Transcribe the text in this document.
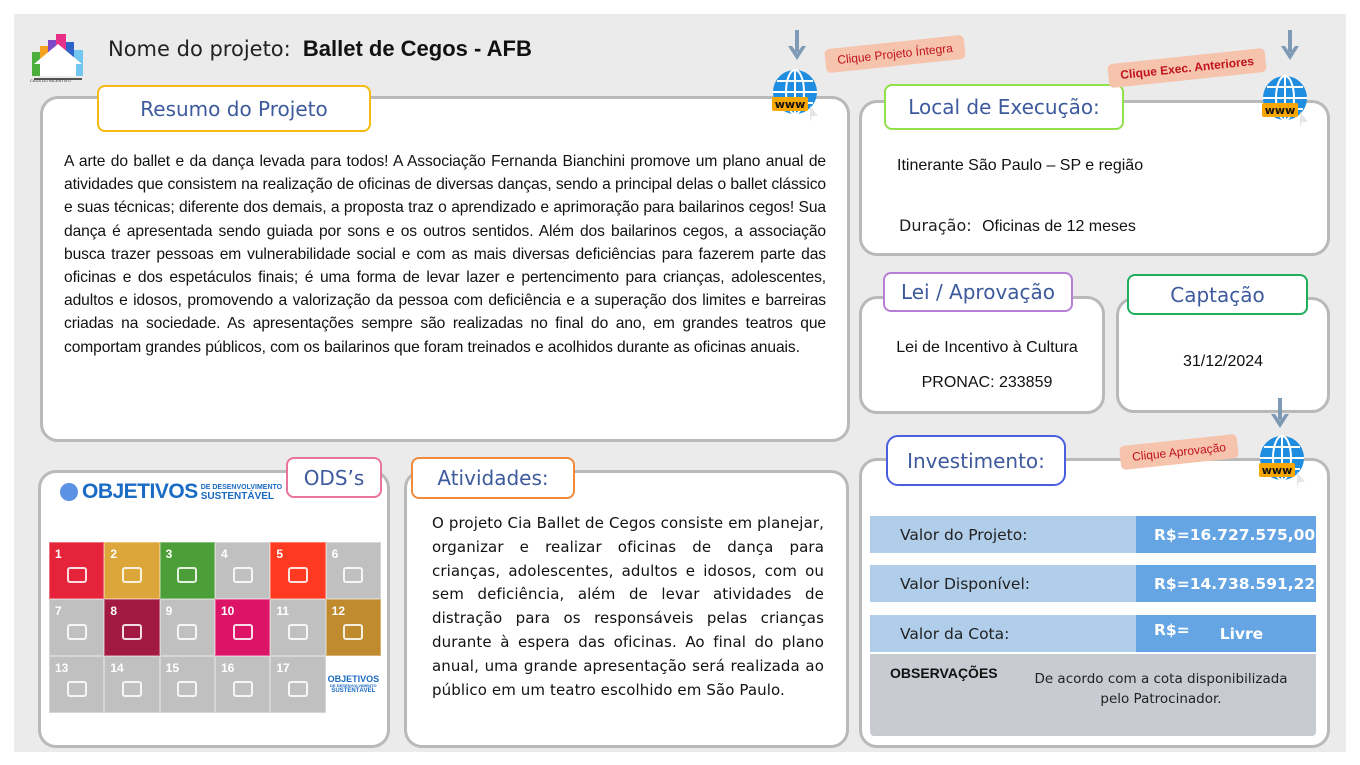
CASA DO INCENTIVO
Nome do projeto: Ballet de Cegos - AFB
Resumo do Projeto
A arte do ballet e da dança levada para todos! A Associação Fernanda Bianchini promove um plano anual de atividades que consistem na realização de oficinas de diversas danças, sendo a principal delas o ballet clássico e suas técnicas; diferente dos demais, a proposta traz o aprendizado e aprimoração para bailarinos cegos! Sua dança é apresentada sendo guiada por sons e os outros sentidos. Além dos bailarinos cegos, a associação busca trazer pessoas em vulnerabilidade social e com as mais diversas deficiências para fazerem parte das oficinas e dos espetáculos finais; é uma forma de levar lazer e pertencimento para crianças, adolescentes, adultos e idosos, promovendo a valorização da pessoa com deficiência e a superação dos limites e barreiras criadas na sociedade. As apresentações sempre são realizadas no final do ano, em grandes teatros que comportam grandes públicos, com os bailarinos que foram treinados e acolhidos durante as oficinas anuais.
Clique Projeto Íntegra
www	Local de Execução:
Itinerante São Paulo – SP e região
Duração: Oficinas de 12 meses
Clique Exec. Anteriores
www
Lei / Aprovação
Lei de Incentivo à Cultura
PRONAC: 233859
Captação
31/12/2024
ODS’s
OBJETIVOS DE DESENVOLVIMENTO
SUSTENTÁVEL
1	2	3	4	5	6
7	8	9	10	11	12
13	14	15	16	17
OBJETIVOS
DE DESENVOLVIMENTO
SUSTENTÁVEL
Atividades:
O projeto Cia Ballet de Cegos consiste em planejar, organizar e realizar oficinas de dança para crianças, adolescentes, adultos e idosos, com ou sem deficiência, além de levar atividades de distração para os responsáveis pelas crianças durante à espera das oficinas. Ao final do plano anual, uma grande apresentação será realizada ao público em um teatro escolhido em São Paulo.
Investimento:	Clique Aprovação
www
Valor do Projeto:	R$=16.727.575,00
Valor Disponível:	R$=14.738.591,22
Valor da Cota:	R$= Livre
OBSERVAÇÕES	De acordo com a cota disponibilizada pelo Patrocinador.
